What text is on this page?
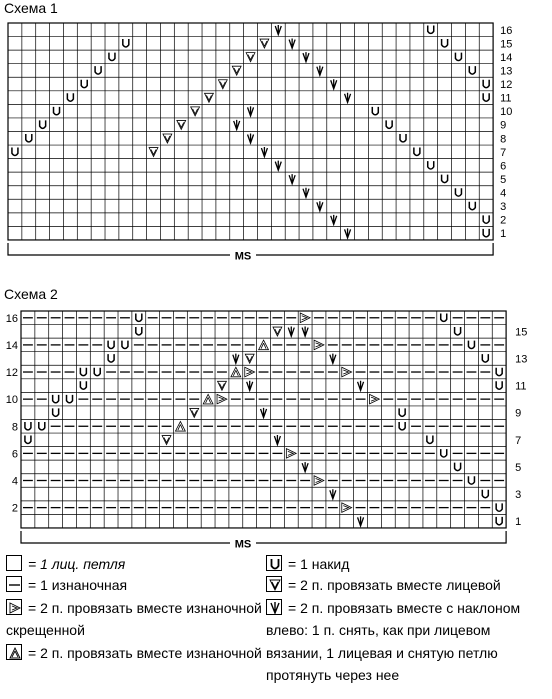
Схема 1
MS
16
15
14
13
12
11
10
9
8
7
6
5
4
3
2
1
Схема 2
MS
16
14
12
10
8
6
4
2
15
13
11
9
7
5
3
1
= 1 лиц. петля
= 1 изнаночная
= 2 п. провязать вместе изнаночной
скрещенной
= 2 п. провязать вместе изнаночной
= 1 накид
= 2 п. провязать вместе лицевой
= 2 п. провязать вместе с наклоном
влево: 1 п. снять, как при лицевом
вязании, 1 лицевая и снятую петлю
протянуть через нее
